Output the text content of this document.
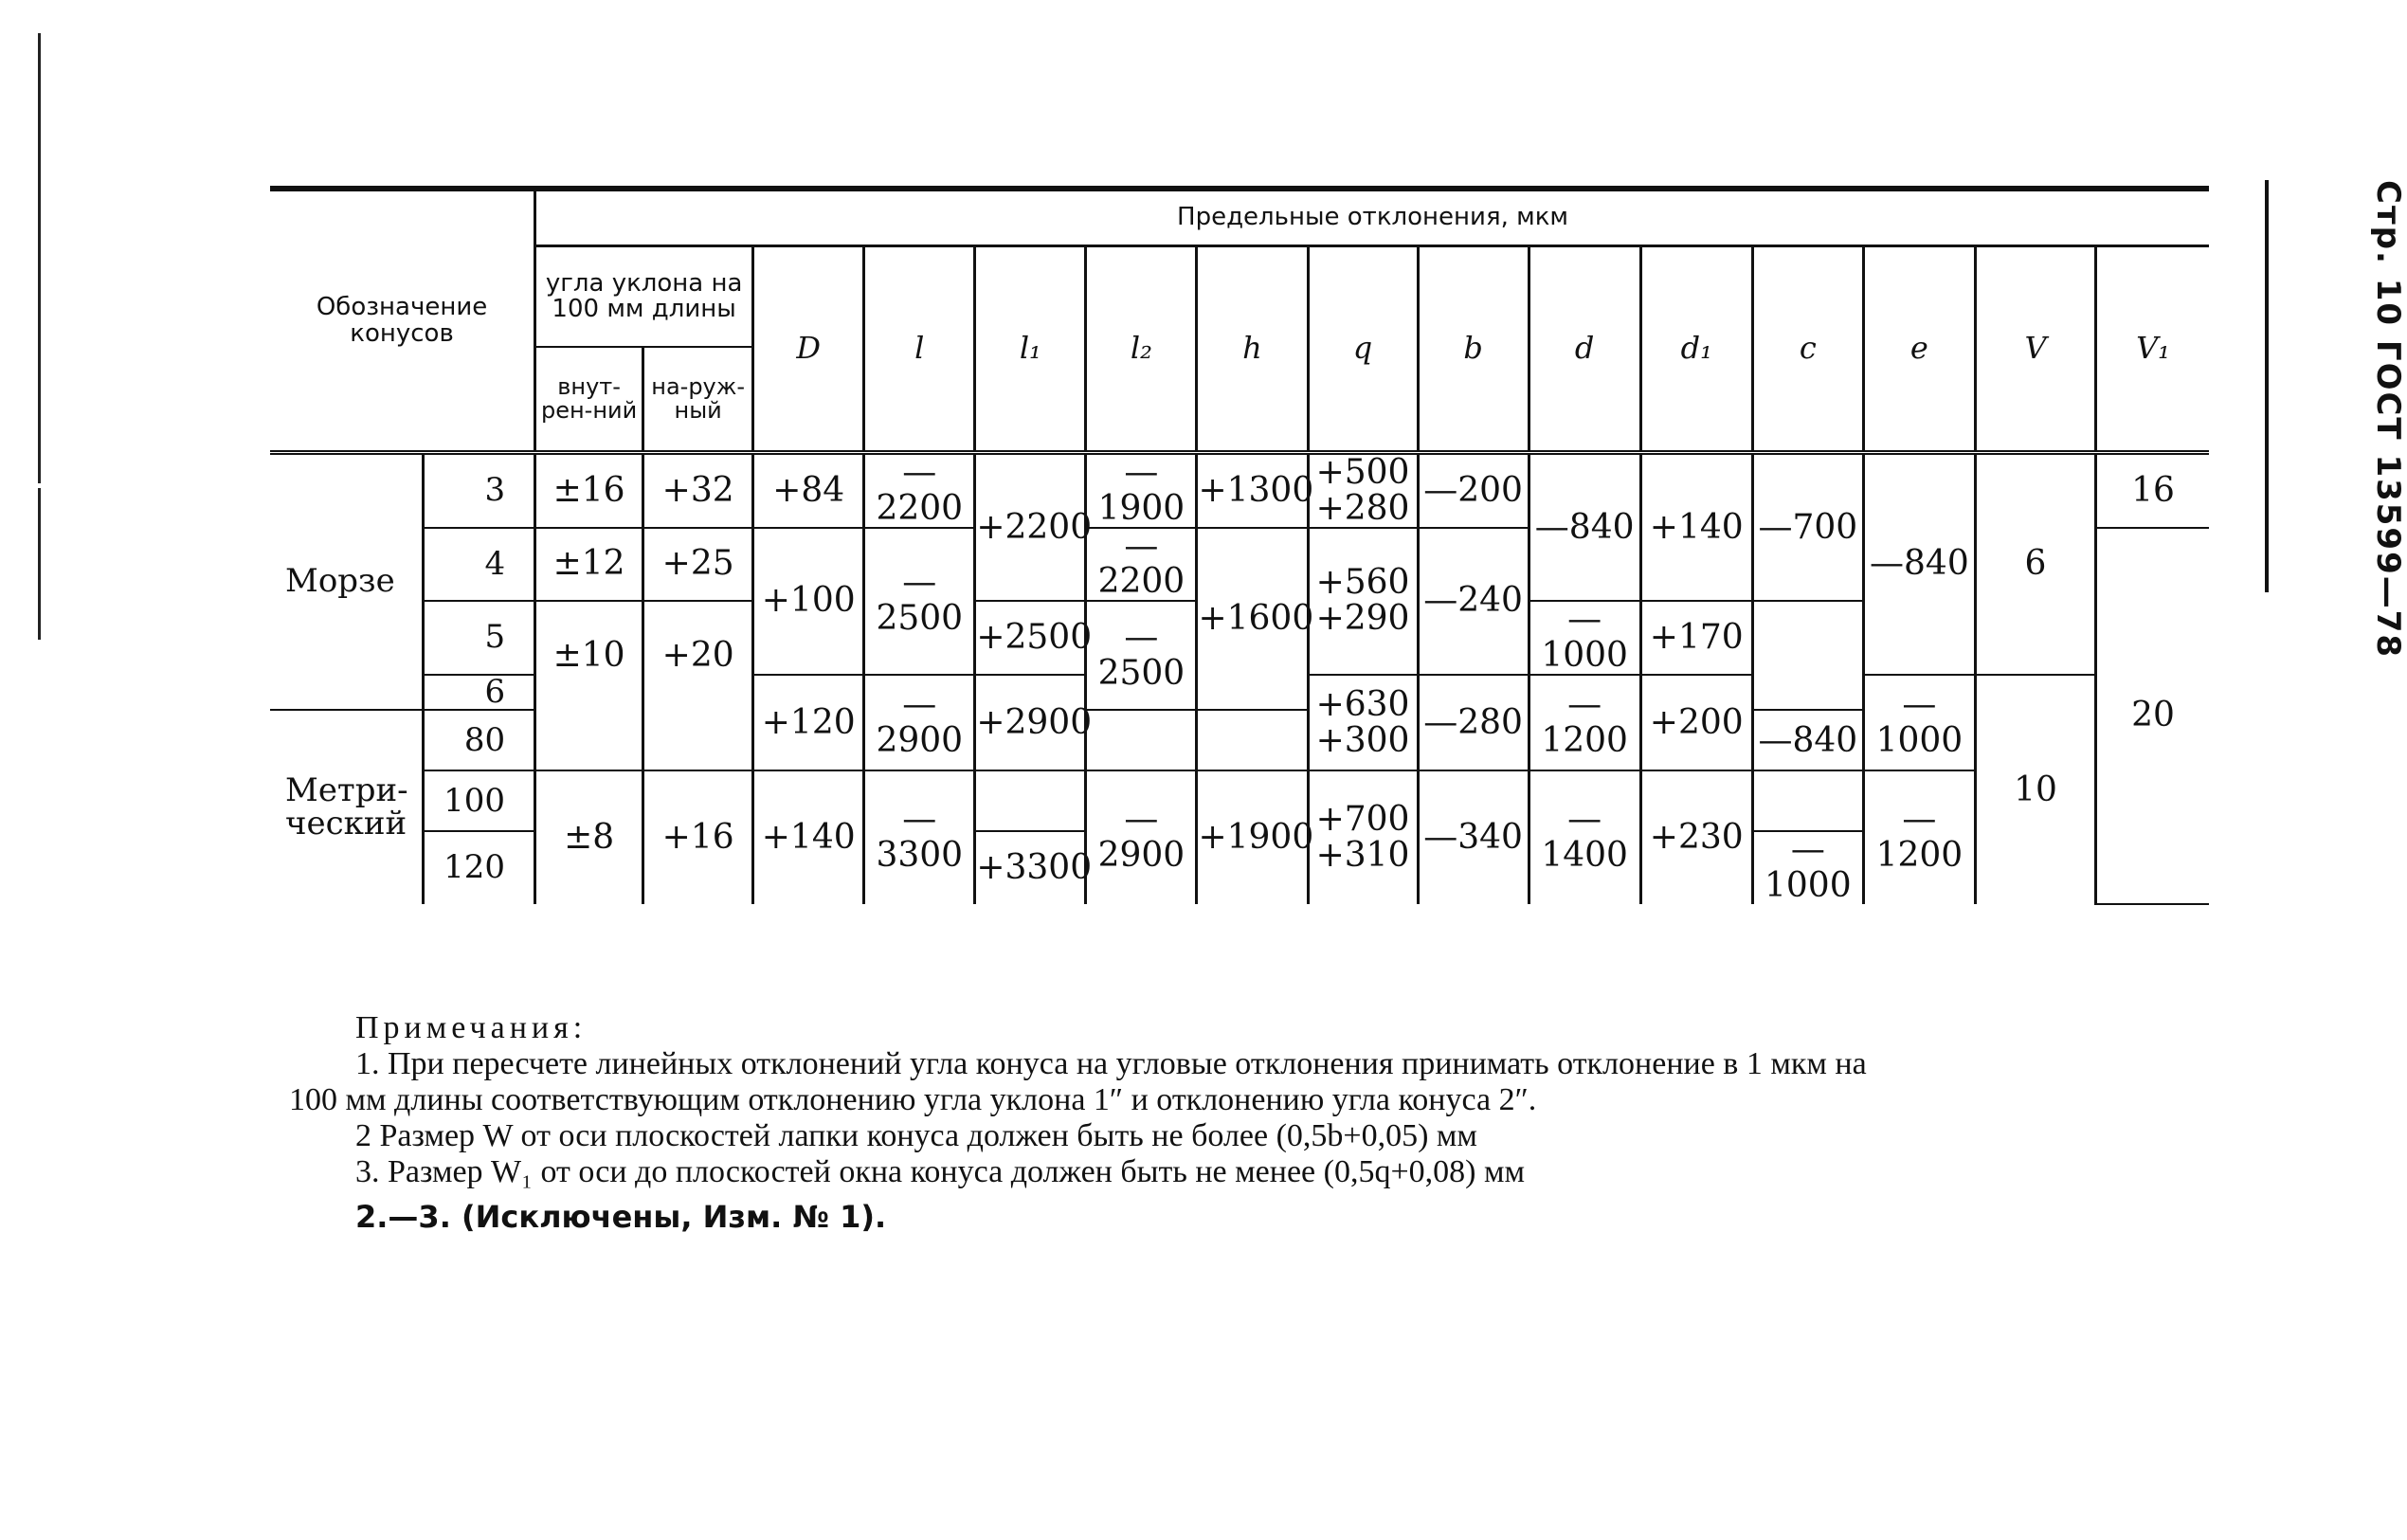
Стр. 10 ГОСТ 13599—78
Обозначение конусов		Предельные отклонения, мкм														
		угла уклона на 100 мм длины		D	l	l₁	l₂	h	q	b	d	d₁	c	e	V	V₁
		внут-рен-ний	на-руж-ный													

Морзе	3	±16	+32	+84	—2200	+2200	—1900	+1300	+500 +280	—200	—840	+140	—700	—840	6	16
	4	±12	+25	+100	—2500		—2200	+1600	+560 +290	—240						20
	5	±10	+20			+2500	—2500				—1000	+170				
	6			+120	—2900	+2900			+630 +300	—280	—1200	+200		—1000	10	
Метри-ческий	80												—840			
	100	±8	+16	+140	—3300		—2900	+1900	+700 +310	—340	—1400	+230		—1200		
	120					+3300							—1000			
Примечания:
1. При пересчете линейных отклонений угла конуса на угловые отклонения принимать отклонение в 1 мкм на
100 мм длины соответствующим отклонению угла уклона 1″ и отклонению угла конуса 2″.
2 Размер W от оси плоскостей лапки конуса должен быть не более (0,5b+0,05) мм
3. Размер W₁ от оси до плоскостей окна конуса должен быть не менее (0,5q+0,08) мм
2.—3. (Исключены, Изм. № 1).
